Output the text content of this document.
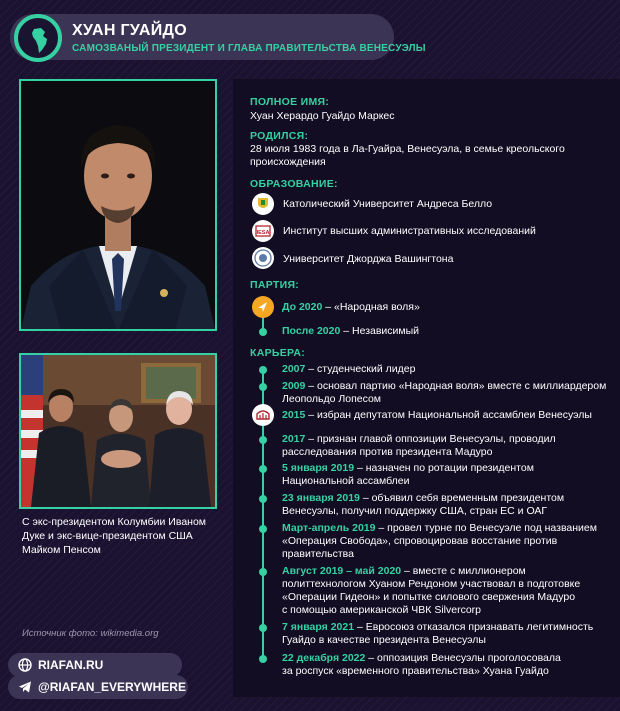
ХУАН ГУАЙДО
САМОЗВАНЫЙ ПРЕЗИДЕНТ И ГЛАВА ПРАВИТЕЛЬСТВА ВЕНЕСУЭЛЫ
С экс-президентом Колумбии Иваном Дуке и экс-вице-президентом США Майком Пенсом
Источник фото: wikimedia.org
RIAFAN.RU
@RIAFAN_EVERYWHERE
ПОЛНОЕ ИМЯ:
Хуан Херардо Гуайдо Маркес
РОДИЛСЯ:
28 июля 1983 года в Ла-Гуайра, Венесуэла, в семье креольского
происхождения
ОБРАЗОВАНИЕ:
Католический Университет Андреса Белло
IESA Институт высших административных исследований
Университет Джорджа Вашингтона
ПАРТИЯ:
До 2020 – «Народная воля»
После 2020 – Независимый
КАРЬЕРА:
2007 – студенческий лидер
2009 – основал партию «Народная воля» вместе с миллиардером
Леопольдо Лопесом
2015 – избран депутатом Национальной ассамблеи Венесуэлы
2017 – признан главой оппозиции Венесуэлы, проводил
расследования против президента Мадуро
5 января 2019 – назначен по ротации президентом
Национальной ассамблеи
23 января 2019 – объявил себя временным президентом
Венесуэлы, получил поддержку США, стран ЕС и ОАГ
Март-апрель 2019 – провел турне по Венесуэле под названием
«Операция Свобода», спровоцировав восстание против
правительства
Август 2019 – май 2020 – вместе с миллионером
политтехнологом Хуаном Рендоном участвовал в подготовке
«Операции Гидеон» и попытке силового свержения Мадуро
с помощью американской ЧВК Silvercorp
7 января 2021 – Евросоюз отказался признавать легитимность
Гуайдо в качестве президента Венесуэлы
22 декабря 2022 – оппозиция Венесуэлы проголосовала
за роспуск «временного правительства» Хуана Гуайдо
